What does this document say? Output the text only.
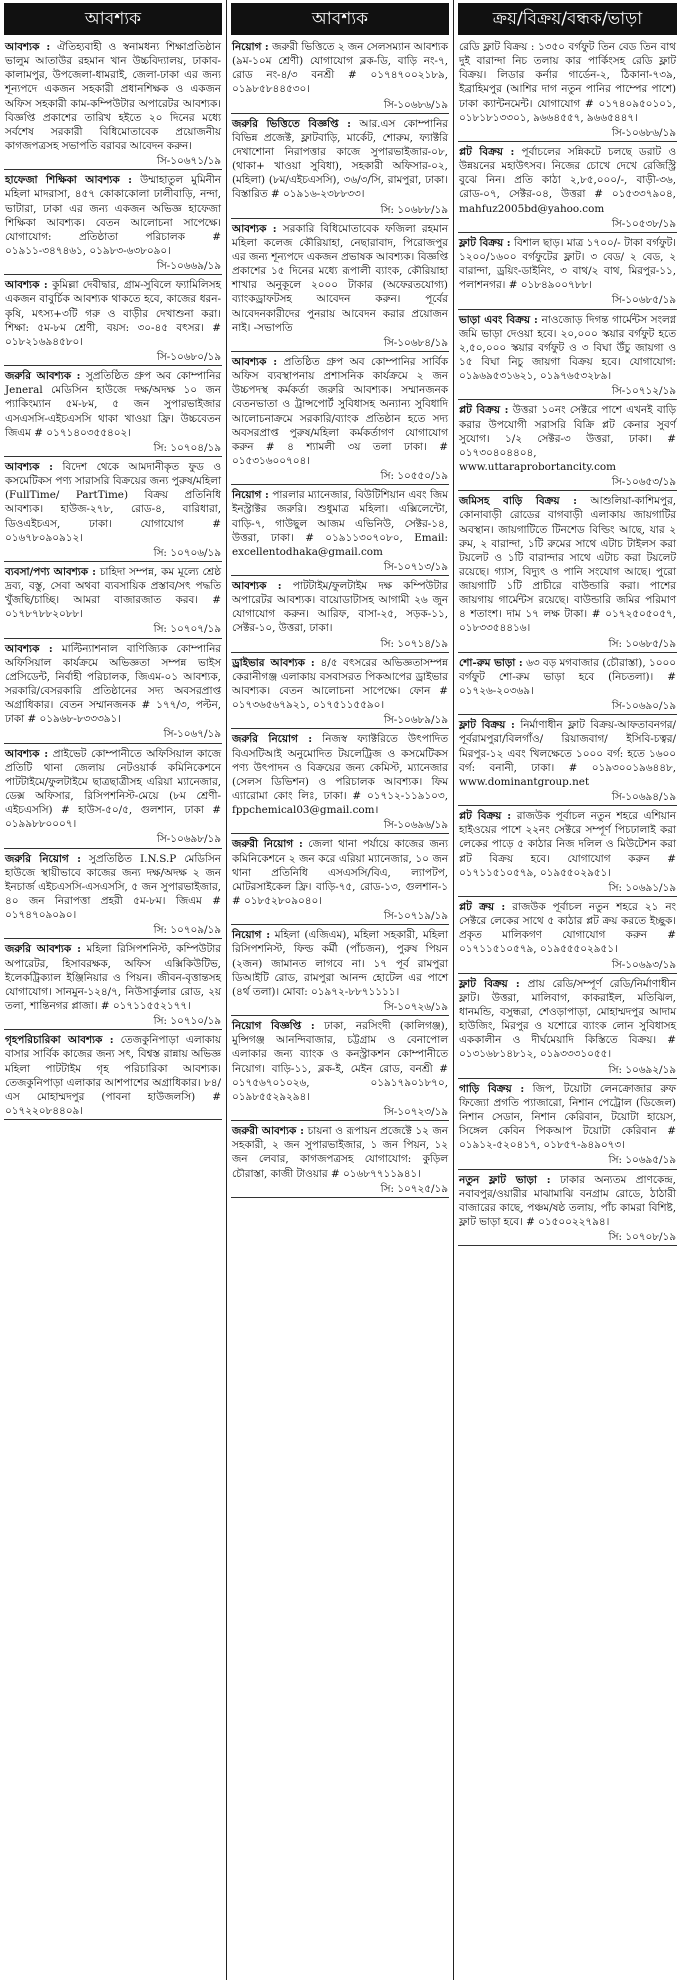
আবশ্যক
আবশ্যক : ঐতিহ্যবাহী ও স্বনামধন্য শিক্ষাপ্রতিষ্ঠান ভালুম আতাউর রহমান খান উচ্চবিদ্যালয়, ঢাকাব-কালামপুর, উপজেলা-ধামরাই, জেলা-ঢাকা এর জন্য শূন্যপদে একজন সহকারী প্রধানশিক্ষক ও একজন অফিস সহকারী কাম-কম্পিউটার অপারেটর আবশ্যক। বিজ্ঞপ্তি প্রকাশের তারিখ হইতে ২০ দিনের মধ্যে সর্বশেষ সরকারী বিধিমোতাবেক প্রয়োজনীয় কাগজপত্রসহ সভাপতি বরাবর আবেদন করুন।
সি-১০৬৭১/১৯
হাফেজা শিক্ষিকা আবশ্যক : উম্মাহাতুল মুমিনীন মহিলা মাদরাসা, ৪৫৭ কোকাকোলা ঢালীবাড়ি, নন্দা, ভাটারা, ঢাকা এর জন্য একজন অভিজ্ঞ হাফেজা শিক্ষিকা আবশ্যক। বেতন আলোচনা সাপেক্ষে। যোগাযোগ: প্রতিষ্ঠাতা পরিচালক # ০১৯১১-৩৪৭৪৬১, ০১৯৮৩-৬৩৮০৯০।
সি-১০৬৬৯/১৯
আবশ্যক : কুমিল্লা দেবীদ্বার, গ্রাম-সুবিলে ফ্যামিলিসহ একজন বাবুর্চিক আবশ্যক থাকতে হবে, কাজের ধরন-কৃষি, মৎস্য+৩টি গরু ও বাড়ীর দেখাশুনা করা। শিক্ষা: ৫ম-৮ম শ্রেণী, বয়স: ৩০-৪৫ বৎসর। # ০১৮২১৬৯৪৫৮০।
সি-১০৬৮০/১৯
জরুরি আবশ্যক : সুপ্রতিষ্ঠিত গ্রুপ অব কোম্পানির Jeneral মেডিসিন হাউজে দক্ষ/অদক্ষ ১০ জন প্যাকিংম্যান ৫ম-৮ম, ৫ জন সুপারভাইজার এসএসসি-এইচএসসি থাকা খাওয়া ফ্রি। উচ্চবেতন জিএম # ০১৭১৪০৩৫৫৪০২।
সি: ১০৭০৪/১৯
আবশ্যক : বিদেশ থেকে আমদানীকৃত ফুড ও কসমেটিকস পণ্য সারাসরি বিক্রয়ের জন্য পুরুষ/মহিলা (FullTime/ PartTime) বিক্রয় প্রতিনিধি আবশ্যক। হাউজ-২৭৮, রোড-৪, বারিধারা, ডিওএইচএস, ঢাকা। যোগাযোগ # ০১৬৭৮০৯০৯১২।
সি: ১০৭০৬/১৯
ব্যবসা/পণ্য আবশ্যক : চাহিদা সম্পন্ন, কম মূল্যে শ্রেষ্ঠ দ্রব্য, বস্তু, সেবা অথবা ব্যবসায়িক প্রস্তাব/সৎ পদ্ধতি খুঁজছি/চাচ্ছি। আমরা বাজারজাত করব। # ০১৭৮৭৮৮২০৮৮।
সি: ১০৭০৭/১৯
আবশ্যক : মাল্টিন্যাশনাল বাণিজ্যিক কোম্পানির অফিসিয়াল কার্যক্রমে অভিজ্ঞতা সম্পন্ন ভাইস প্রেসিডেন্ট, নির্বাহী পরিচালক, জিএম-০১ আবশ্যক, সরকারি/বেসরকারি প্রতিষ্ঠানের সদ্য অবসরপ্রাপ্ত অগ্রাধিকার। বেতন সম্মানজনক # ১৭৭/৩, পল্টন, ঢাকা # ০১৯৬৮-৮৩৩৩৯১।
সি-১০৬৭/১৯
আবশ্যক : প্রাইভেট কোম্পানীতে অফিসিয়াল কাজে প্রতিটি থানা জেলায় নেটওয়ার্ক কমিনিকেশনে পাটটাইমে/ফুলটাইমে ছাত্রছাত্রীসহ এরিয়া ম্যানেজার, ডেক্স অফিসার, রিসিপশনিস্ট-মেয়ে (৮ম শ্রেণী-এইচএসসি) # হাউস-৫০/৫, গুলশান, ঢাকা # ০১৯৯৮৮০০০৭।
সি-১০৬৯৮/১৯
জরুরি নিয়োগ : সুপ্রতিষ্ঠিত I.N.S.P মেডিসিন হাউজে স্থায়ীভাবে কাজের জন্য দক্ষ/অদক্ষ ২ জন ইনচার্জ এইচএসসি-এসএসসি, ৫ জন সুপারভাইজার, ৪০ জন নিরাপত্তা প্রহরী ৫ম-৮ম। জিএম # ০১৭৪৭০৯০৯০।
সি: ১০৭০৯/১৯
জরুরি আবশ্যক : মহিলা রিসিপশনিস্ট, কম্পিউটার অপারেটর, হিসাবরক্ষক, অফিস এক্সিকিউটিভ, ইলেকট্রিক্যাল ইঞ্জিনিয়ার ও পিয়ন। জীবন-বৃত্তান্তসহ যোগাযোগ। সানমুন-১২৪/৭, নিউসার্কুলার রোড, ২য় তলা, শান্তিনগর প্লাজা। # ০১৭১১৫৫২১৭৭।
সি: ১০৭১০/১৯
গৃহপরিচারিকা আবশ্যক : তেজকুনিপাড়া এলাকায় বাসার সার্বিক কাজের জন্য সৎ, বিশ্বস্ত রান্নায় অভিজ্ঞ মহিলা পাটটাইম গৃহ পরিচারিকা আবশ্যক। তেজকুনিপাড়া এলাকার আশপাশের অগ্রাধিকার। ৮৪/এস মোহাম্মদপুর (পাবনা হাউজলসি) # ০১৭২২০৮৪৪০৯।
আবশ্যক
নিয়োগ : জরুরী ভিত্তিতে ২ জন সেলসম্যান আবশ্যক (৯ম-১০ম শ্রেণী) যোগাযোগ ব্লক-ডি, বাড়ি নং-৭, রোড নং-৪/৩ বনশ্রী # ০১৭৪৭০০২১৮৯, ০১৯৮৫৮৪৪৫৩০।
সি-১০৬৮৬/১৯
জরুরি ভিত্তিতে বিজ্ঞপ্তি : আর.এস কোম্পানির বিভিন্ন প্রজেক্ট, ফ্লাটবাড়ি, মার্কেট, শোরুম, ফ্যাক্টরি দেখাশোনা নিরাপত্তার কাজে সুপারভাইজার-০৮, (থাকা+ খাওয়া সুবিধা), সহকারী অফিসার-০২, (মহিলা) (৮ম/এইচএসসি), ৩৬/৩/সি, রামপুরা, ঢাকা। বিস্তারিত # ০১৯১৬-২৩৮৮৩৩।
সি: ১০৬৮৮/১৯
আবশ্যক : সরকারি বিধিমোতাবেক ফজিলা রহমান মহিলা কলেজ কৌরিয়াহা, নেছারাবাদ, পিরোজপুর এর জন্য শূন্যপদে একজন প্রভাষক আবশ্যক। বিজ্ঞপ্তি প্রকাশের ১৫ দিনের মধ্যে রূপালী ব্যাংক, কৌরিয়াহা শাখার অনুকূলে ২০০০ টাকার (অফেরতযোগ্য) ব্যাংকড্রাফটসহ আবেদন করুন। পূর্বের আবেদনকারীদের পুনরায় আবেদন করার প্রয়োজন নাই। -সভাপতি
সি-১০৬৮৪/১৯
আবশ্যক : প্রতিষ্ঠিত গ্রুপ অব কোম্পানির সার্বিক অফিস ব্যবস্থাপনায় প্রশাসনিক কার্যক্রমে ২ জন উচ্চপদস্থ কর্মকর্তা জরুরি আবশ্যক। সম্মানজনক বেতনভাতা ও ট্রান্সপোর্ট সুবিধাসহ অন্যান্য সুবিধাদি আলোচনাক্রমে সরকারি/ব্যাংক প্রতিষ্ঠান হতে সদ্য অবসরপ্রাপ্ত পুরুষ/মহিলা কর্মকর্তাগণ যোগাযোগ করুন # ৪ শ্যামলী ৩য় তলা ঢাকা। # ০১৫৩১৬০০৭০৪।
সি: ১০৫৫০/১৯
নিয়োগ : পারলার ম্যানেজার, বিউটিশিয়ান এবং জিম ইনস্ট্রাক্টর জরুরি। শুধুমাত্র মহিলা। এক্সিলেন্টো, বাড়ি-৭, গাউছুল আজম এভিনিউ, সেক্টর-১৪, উত্তরা, ঢাকা। # ০১৯১১৩০৭০৮০, Email: excellentodhaka@gmail.com
সি-১০৭১৩/১৯
আবশ্যক : পাটটাইম/ফুলটাইম দক্ষ কম্পিউটার অপারেটর আবশ্যক। বায়োডাটাসহ আগামী ২৬ জুন যোগাযোগ করুন। আরিফ, বাসা-২৫, সড়ক-১১, সেক্টর-১০, উত্তরা, ঢাকা।
সি: ১০৭১৪/১৯
ড্রাইভার আবশ্যক : ৪/৫ বৎসরের অভিজ্ঞতাসম্পন্ন কেরানীগঞ্জ এলাকায় বসবাসরত পিকআপের ড্রাইভার আবশ্যক। বেতন আলোচনা সাপেক্ষে। ফোন # ০১৭৩৬৫৬৭৯২১, ০১৭৫১১৫৫৯০।
সি-১০৬৮৯/১৯
জরুরি নিয়োগ : নিজস্ব ফ্যাক্টরিতে উৎপাদিত বিএসটিআই অনুমোদিত টয়লেট্রিজ ও কসমেটিকস পণ্য উৎপাদন ও বিক্রয়ের জন্য কেমিস্ট, ম্যানেজার (সেলস ডিভিশন) ও পরিচালক আবশ্যক। ফিম এ্যারোমা কোং লিঃ, ঢাকা। # ০১৭১২-১১৯১০৩, fppchemical03@gmail.com।
সি-১০৬৯৬/১৯
জরুরী নিয়োগ : জেলা থানা পর্যায়ে কাজের জন্য কমিনিকেশনে ২ জন করে এরিয়া ম্যানেজার, ১০ জন থানা প্রতিনিধি এসএসসি/বিএ, ল্যাপটপ, মোটরসাইকেল ফ্রি। বাড়ি-৭৫, রোড-১৩, গুলশান-১ # ০১৮৫২৮০৯০৪০।
সি-১০৭১৯/১৯
নিয়োগ : মহিলা (এজিএম), মহিলা সহকারী, মহিলা রিসিপশনিস্ট, ফিল্ড কর্মী (পাঁচজন), পুরুষ পিয়ন (২জন) জামানত লাগবে না। ১৭ পূর্ব রামপুরা ডিআইটি রোড, রামপুরা আনন্দ হোটেল এর পাশে (৪র্থ তলা)। মোবা: ০১৯৭২-৮৮৭১১১১।
সি-১০৭২৬/১৯
নিয়োগ বিজ্ঞপ্তি : ঢাকা, নরসিংদী (কালিগঞ্জ), মুন্সিগঞ্জ আনন্দিবাজার, চট্টগ্রাম ও বেনাপোল এলাকার জন্য ব্যাংক ও কনস্ট্রাকশন কোম্পানীতে নিয়োগ। বাড়ি-১১, ব্লক-ই, মেইন রোড, বনশ্রী # ০১৭৫৬৭০১০২৬, ০১৯১৭৯০১৮৭০, ০১৯৮৫৫২৯২৯৪।
সি-১০৭২৩/১৯
জরুরী আবশ্যক : চায়না ও রূপায়ন প্রজেক্টে ১২ জন সহকারী, ২ জন সুপারভাইজার, ১ জন পিয়ন, ১২ জন লেবার, কাগজপত্রসহ যোগাযোগ: কুড়িল চৌরাস্তা, কাজী টাওয়ার # ০১৬৮৭৭১১৯৪১।
সি: ১০৭২৫/১৯
ক্রয়/বিক্রয়/বন্ধক/ভাড়া
রেডি ফ্লাট বিক্রয় : ১৩৫০ বর্গফুট তিন বেড তিন বাথ দুই বারান্দা নিচ তলায় কার পার্কিংসহ রেডি ফ্লাট বিক্রয়। লিডার কর্নার গার্ডেন-২, ঠিকানা-৭৩৯, ইব্রাহিমপুর (আশির দাগ নতুন পানির পাম্পের পাশে) ঢাকা ক্যান্টনমেন্ট। যোগাযোগ # ০১৭৪০৯৫০১০১, ০১৮১৮১৩৩০১, ৯৬৬৪৫৫৭, ৯৬৬৫৪৪৭।
সি-১০৬৮৬/১৯
প্লট বিক্রয় : পূর্বাচলের সন্নিকটে চলছে ডরাট ও উন্নয়নের মহাউৎসব। নিজের চোখে দেখে রেজিস্ট্রি বুঝে নিন। প্রতি কাঠা ২,৮৫,০০০/-, বাড়ী-৩৬, রোড-০৭, সেক্টর-০৪, উত্তরা # ০১৫৩৩৭৯০৪, mahfuz2005bd@yahoo.com
সি-১০৫৩৮/১৯
ফ্লাট বিক্রয় : বিশাল ছাড়। মাত্র ১৭০০/- টাকা বর্গফুট। ১২০০/১৬০০ বর্গফুটের ফ্লাট। ৩ বেড/ ২ বেড, ২ বারান্দা, ড্রয়িং-ডাইনিং, ৩ বাথ/২ বাথ, মিরপুর-১১, পলাশনগর। # ০১৮৪৯০০৭৮৮।
সি-১০৬৮৫/১৯
ভাড়া এবং বিক্রয় : নাওজোড় দিগন্ত গার্মেন্টস সংলগ্ন জমি ভাড়া দেওয়া হবে। ২০,০০০ স্কয়ার বর্গফুট হতে ২,৫০,০০০ স্কয়ার বর্গফুট ও ৩ বিঘা উঁচু জায়গা ও ১৫ বিঘা নিচু জায়গা বিক্রয় হবে। যোগাযোগ: ০১৯৬৯৫৩১৬২১, ০১৯৭৬৫৩২৮৯।
সি-১০৭১২/১৯
প্লট বিক্রয় : উত্তরা ১০নং সেক্টরে পাশে এখনই বাড়ি করার উপযোগী সরাসরি বিক্রি প্লট কেনার সুবর্ণ সুযোগ। ১/২ সেক্টর-৩ উত্তরা, ঢাকা। # ০১৭৩০৪০৪৪০৪, www.uttaraprobortancity.com
সি-১০৬৫৩/১৯
জমিসহ বাড়ি বিক্রয় : আশুলিয়া-কাশিমপুর, কোনাবাড়ী রোডের বাগবাড়ী এলাকায় জায়গাটির অবস্থান। জায়গাটিতে টিনশেড বিল্ডিং আছে, যার ২ রুম, ২ বারান্দা, ১টি রুমের সাথে এটাচ টাইলস করা টয়লেট ও ১টি বারান্দার সাথে এটাচ করা টয়লেট রয়েছে। গ্যাস, বিদ্যুৎ ও পানি সংযোগ আছে। পুরো জায়গাটি ১টি প্রাচীরে বাউন্ডারি করা। পাশের জায়গায় গার্মেন্টস রয়েছে। বাউন্ডারি জমির পরিমাণ ৪ শতাংশ। দাম ১৭ লক্ষ টাকা। # ০১৭২৫০৫০৫৭, ০১৮৩৩৫৪৪১৬।
সি: ১০৬৮৫/১৯
শো-রুম ভাড়া : ৬৩ বড় মগবাজার (চৌরাস্তা), ১০০০ বর্গফুট শো-রুম ভাড়া হবে (নিচতলা)। # ০১৭২৬-২০৩৬৯।
সি-১০৬৯০/১৯
ফ্লাট বিক্রয় : নির্মাণাধীন ফ্লাট বিক্রয়-আফতাবনগর/পূর্বরামপুরা/বিলগাঁও/ রিয়াজবাগ/ ইসিবি-চত্বর/মিরপুর-১২ এবং খিলক্ষেতে ১০০০ বর্গ: হতে ১৬০০ বর্গ: বনানী, ঢাকা। # ০১৯৩০০১৯৬৪৪৮, www.dominantgroup.net
সি-১০৬৯৪/১৯
প্লট বিক্রয় : রাজউক পূর্বাচল নতুন শহরে এশিয়ান হাইওয়ের পাশে ২২নং সেক্টরে সম্পূর্ণ পিচঢালাই করা লেকের পাড়ে ৫ কাঠার নিজ দলিল ও মিউটেশন করা প্লট বিক্রয় হবে। যোগাযোগ করুন # ০১৭১১৫১০৫৭৯, ০১৯৫৫০২৯৫১।
সি: ১০৬৯১/১৯
প্লট ক্রয় : রাজউক পূর্বাচল নতুন শহরে ২১ নং সেক্টরে লেকের সাথে ৫ কাঠার প্লট ক্রয় করতে ইচ্ছুক। প্রকৃত মালিকগণ যোগাযোগ করুন # ০১৭১১৫১০৫৭৯, ০১৯৫৫৫০২৯৫১।
সি-১০৬৯৩/১৯
ফ্লাট বিক্রয় : প্রায় রেডি/সম্পূর্ণ রেডি/নির্মাণাধীন ফ্লাট। উত্তরা, মালিবাগ, কাকরাইল, মতিঝিল, ধানমন্ডি, বসুন্ধরা, শেওড়াপাড়া, মোহাম্মদপুর আদাম হাউজিং, মিরপুর ও যশোরে ব্যাংক লোন সুবিধাসহ এককালীন ও দীর্ঘমেয়াদি কিস্তিতে বিক্রয়। # ০১৩১৬৮১৪৮১২, ০১৯৩৩৩১০৫৫।
সি: ১০৬৯২/১৯
গাড়ি বিক্রয় : জিপ, টয়োটা লেনক্রোজার রুফ ফিজ্যো প্রগতি প্যাজারো, নিশান পেট্রোল (ডিজেল) নিশান সেডান, নিশান কেরিবান, টয়োটা হায়েস, সিঙ্গেল কেবিন পিকআপ টয়োটা কেরিবান # ০১৯১২-৫২০৪১৭, ০১৮৫৭-৯৪৯০৭৩।
সি: ১০৬৯৫/১৯
নতুন ফ্লাট ভাড়া : ঢাকার অন্যতম প্রাণকেন্দ্র, নবাবপুর/ওয়ারীর মাঝামাঝি বনগ্রাম রোডে, ঠাঠারী বাজারের কাছে, পঞ্চম/ষষ্ঠ তলায়, পাঁচ কামরা বিশিষ্ট, ফ্লাট ভাড়া হবে। # ০১৫০০২২৭৯৪।
সি: ১০৭০৮/১৯
